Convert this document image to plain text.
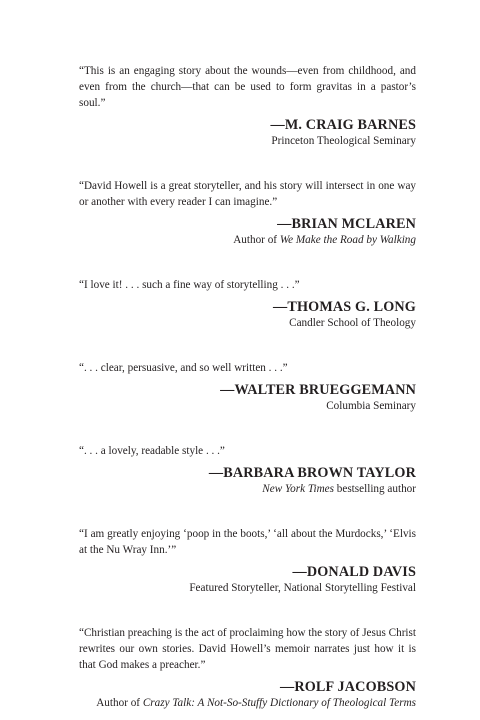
“This is an engaging story about the wounds—even from childhood, and even from the church—that can be used to form gravitas in a pastor’s soul.”

—M. CRAIG BARNES
Princeton Theological Seminary

“David Howell is a great storyteller, and his story will intersect in one way or another with every reader I can imagine.”

—BRIAN MCLAREN
Author of We Make the Road by Walking

“I love it! . . . such a fine way of storytelling . . .”

—THOMAS G. LONG
Candler School of Theology

“. . . clear, persuasive, and so well written . . .”

—WALTER BRUEGGEMANN
Columbia Seminary

“. . . a lovely, readable style . . .”

—BARBARA BROWN TAYLOR
New York Times bestselling author

“I am greatly enjoying ‘poop in the boots,’ ‘all about the Murdocks,’ ‘Elvis at the Nu Wray Inn.’”

—DONALD DAVIS
Featured Storyteller, National Storytelling Festival

“Christian preaching is the act of proclaiming how the story of Jesus Christ rewrites our own stories. David Howell’s memoir narrates just how it is that God makes a preacher.”

—ROLF JACOBSON
Author of Crazy Talk: A Not-So-Stuffy Dictionary of Theological Terms
